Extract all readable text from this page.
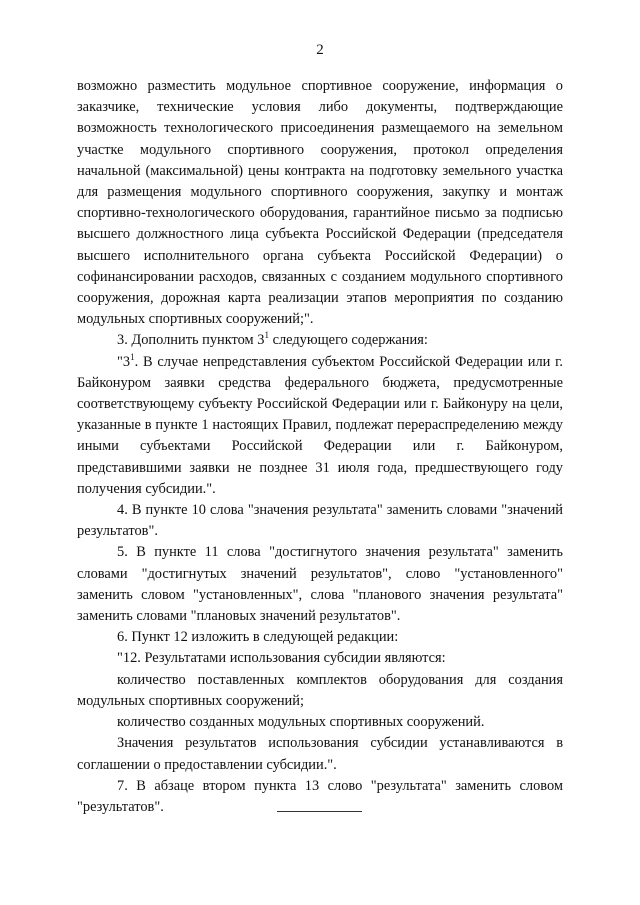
2

возможно разместить модульное спортивное сооружение, информация о заказчике, технические условия либо документы, подтверждающие возможность технологического присоединения размещаемого на земельном участке модульного спортивного сооружения, протокол определения начальной (максимальной) цены контракта на подготовку земельного участка для размещения модульного спортивного сооружения, закупку и монтаж спортивно-технологического оборудования, гарантийное письмо за подписью высшего должностного лица субъекта Российской Федерации (председателя высшего исполнительного органа субъекта Российской Федерации) о софинансировании расходов, связанных с созданием модульного спортивного сооружения, дорожная карта реализации этапов мероприятия по созданию модульных спортивных сооружений;".

3. Дополнить пунктом $3^1$ следующего содержания:

"$3^1$. В случае непредставления субъектом Российской Федерации или г. Байконуром заявки средства федерального бюджета, предусмотренные соответствующему субъекту Российской Федерации или г. Байконуру на цели, указанные в пункте 1 настоящих Правил, подлежат перераспределению между иными субъектами Российской Федерации или г. Байконуром, представившими заявки не позднее 31 июля года, предшествующего году получения субсидии.".

4. В пункте 10 слова "значения результата" заменить словами "значений результатов".

5. В пункте 11 слова "достигнутого значения результата" заменить словами "достигнутых значений результатов", слово "установленного" заменить словом "установленных", слова "планового значения результата" заменить словами "плановых значений результатов".

6. Пункт 12 изложить в следующей редакции:

"12. Результатами использования субсидии являются:

количество поставленных комплектов оборудования для создания модульных спортивных сооружений;

количество созданных модульных спортивных сооружений.

Значения результатов использования субсидии устанавливаются в соглашении о предоставлении субсидии.".

7. В абзаце втором пункта 13 слово "результата" заменить словом "результатов".
